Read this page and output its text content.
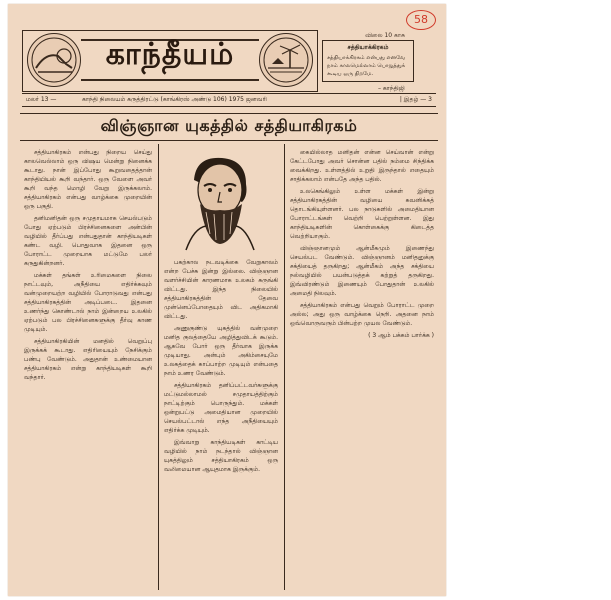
58
காந்தீயம்
விலை 10 காசு
சத்தியாக்கிரகம்
சத்தியாக்கிரகம் என்பது எனவே நாம் காலமெல்லாம் பொறுத்துக் கூடிய ஒரு திறமே.
– காந்திஜி
மலர் 13 —	காந்தி நிலையம் கருத்திரட்டு (காங்கிரஸ் அண்டு 106) 1975 ஜனவரி	| இதழ் — 3
விஞ்ஞான யுகத்தில் சத்தியாகிரகம்

சத்தியாகிரகம் என்பது நிறைய செய்து காலவெல்லாம் ஒரு விஷய மென்று நினைக்க கூடாது. நான் இப்போது கூறுவதைத்தான் காந்தியியல் கூறி வந்தார். ஒரு வேளை அவர் கூறி வந்த மொழி வேறு இருக்கலாம். சத்தியாகிரகம் என்பது வாழ்க்கை முறையின் ஒரு பகுதி.

தனிமனிதன் ஒரு சமுதாயமாக செயல்படும் போது ஏற்படும் பிரச்சினைகளை அன்பின் வழியில் தீர்ப்பது என்பதுதான் காந்தியடிகள் கண்ட வழி. பொதுவாக இதனை ஒரு போராட்ட முறையாக மட்டுமே பலர் கருதுகின்றனர்.

மக்கள் தங்கள் உரிமைகளை நிலை நாட்டவும், அநீதியை எதிர்க்கவும் வன்முறையற்ற வழியில் போராடுவது என்பது சத்தியாகிரகத்தின் அடிப்படை. இதனை உணர்ந்து கொண்டால் நாம் இன்றைய உலகில் ஏற்படும் பல பிரச்சினைகளுக்கு தீர்வு காண முடியும்.

சத்தியாகிரகியின் மனதில் வெறுப்பு இருக்கக் கூடாது. எதிரியையும் நேசிக்கும் பண்பு வேண்டும். அதுதான் உண்மையான சத்தியாகிரகம் என்று காந்தியடிகள் கூறி வந்தார்.

பகற்கால நடவடிக்கை வேறுகாலம் என்ற பேச்சு இன்று இல்லை. விஞ்ஞான வளர்ச்சியின் காரணமாக உலகம் சுருங்கி விட்டது. இந்த நிலையில் சத்தியாகிரகத்தின் தேவை முன்னெப்போதையும் விட அதிகமாகி விட்டது.

அணுகுண்டு யுகத்தில் வன்முறை மனித குலத்தையே அழித்துவிடக் கூடும். ஆகவே போர் ஒரு தீர்வாக இருக்க முடியாது. அன்பும் அகிம்சையுமே உலகத்தைக் காப்பாற்ற முடியும் என்பதை நாம் உணர வேண்டும்.

சத்தியாகிரகம் தனிப்பட்டவர்களுக்கு மட்டுமல்லாமல் சமுதாயத்திற்கும் நாட்டிற்கும் பொருந்தும். மக்கள் ஒன்றுபட்டு அமைதியான முறையில் செயல்பட்டால் எந்த அநீதியையும் எதிர்க்க முடியும்.

இவ்வாறு காந்தியடிகள் காட்டிய வழியில் நாம் நடந்தால் விஞ்ஞான யுகத்திலும் சத்தியாகிரகம் ஒரு வலிமையான ஆயுதமாக இருக்கும்.

கையில்லாத மனிதன் என்ன செய்வான் என்று கேட்டபோது அவர் சொன்ன பதில் நம்மை சிந்திக்க வைக்கிறது. உள்ளத்தில் உறுதி இருந்தால் எதையும் சாதிக்கலாம் என்பதே அந்த பதில்.

உலகெங்கிலும் உள்ள மக்கள் இன்று சத்தியாகிரகத்தின் வழியை கவனிக்கத் தொடங்கியுள்ளனர். பல நாடுகளில் அமைதியான போராட்டங்கள் வெற்றி பெற்றுள்ளன. இது காந்தியடிகளின் கொள்கைக்கு கிடைத்த வெற்றியாகும்.

விஞ்ஞானமும் ஆன்மீகமும் இணைந்து செயல்பட வேண்டும். விஞ்ஞானம் மனிதனுக்கு சக்தியைத் தருகிறது; ஆன்மீகம் அந்த சக்தியை நல்வழியில் பயன்படுத்தக் கற்றுத் தருகிறது. இவ்விரண்டும் இணையும் போதுதான் உலகில் அமைதி நிலவும்.

சத்தியாகிரகம் என்பது வெறும் போராட்ட முறை அல்ல; அது ஒரு வாழ்க்கை நெறி. அதனை நாம் ஒவ்வொருவரும் பின்பற்ற முயல வேண்டும்.

( 3 ஆம் பக்கம் பார்க்க )
